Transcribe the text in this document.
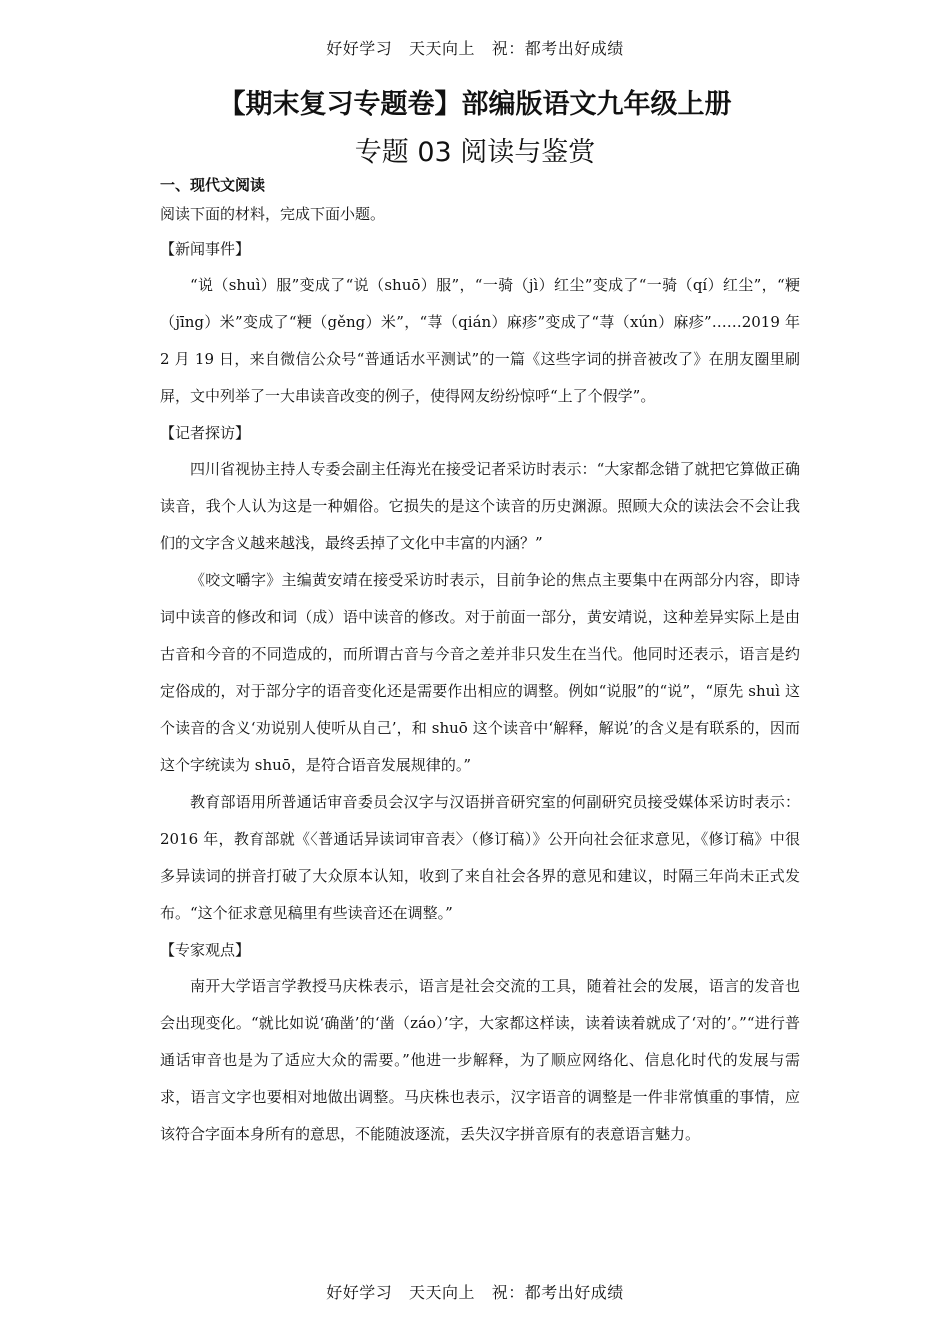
好好学习   天天向上   祝：都考出好成绩
【期末复习专题卷】部编版语文九年级上册
专题 03 阅读与鉴赏
一、现代文阅读
阅读下面的材料，完成下面小题。
【新闻事件】

“说（shuì）服”变成了“说（shuō）服”，“一骑（jì）红尘”变成了“一骑（qí）红尘”，“粳（jīng）米”变成了“粳（gěng）米”，“荨（qián）麻疹”变成了“荨（xún）麻疹”……2019 年 2 月 19 日，来自微信公众号“普通话水平测试”的一篇《这些字词的拼音被改了》在朋友圈里刷屏，文中列举了一大串读音改变的例子，使得网友纷纷惊呼“上了个假学”。

【记者探访】

四川省视协主持人专委会副主任海光在接受记者采访时表示：“大家都念错了就把它算做正确读音，我个人认为这是一种媚俗。它损失的是这个读音的历史渊源。照顾大众的读法会不会让我们的文字含义越来越浅，最终丢掉了文化中丰富的内涵？”

《咬文嚼字》主编黄安靖在接受采访时表示，目前争论的焦点主要集中在两部分内容，即诗词中读音的修改和词（成）语中读音的修改。对于前面一部分，黄安靖说，这种差异实际上是由古音和今音的不同造成的，而所谓古音与今音之差并非只发生在当代。他同时还表示，语言是约定俗成的，对于部分字的语音变化还是需要作出相应的调整。例如“说服”的“说”，“原先 shuì 这个读音的含义‘劝说别人使听从自己’，和 shuō 这个读音中‘解释，解说’的含义是有联系的，因而这个字统读为 shuō，是符合语音发展规律的。”

教育部语用所普通话审音委员会汉字与汉语拼音研究室的何副研究员接受媒体采访时表示：2016 年，教育部就《〈普通话异读词审音表〉（修订稿）》公开向社会征求意见，《修订稿》中很多异读词的拼音打破了大众原本认知，收到了来自社会各界的意见和建议，时隔三年尚未正式发布。“这个征求意见稿里有些读音还在调整。”

【专家观点】

南开大学语言学教授马庆株表示，语言是社会交流的工具，随着社会的发展，语言的发音也会出现变化。“就比如说‘确凿’的‘凿（záo）’字，大家都这样读，读着读着就成了‘对的’。”“进行普通话审音也是为了适应大众的需要。”他进一步解释，为了顺应网络化、信息化时代的发展与需求，语言文字也要相对地做出调整。马庆株也表示，汉字语音的调整是一件非常慎重的事情，应该符合字面本身所有的意思，不能随波逐流，丢失汉字拼音原有的表意语言魅力。

好好学习   天天向上   祝：都考出好成绩
